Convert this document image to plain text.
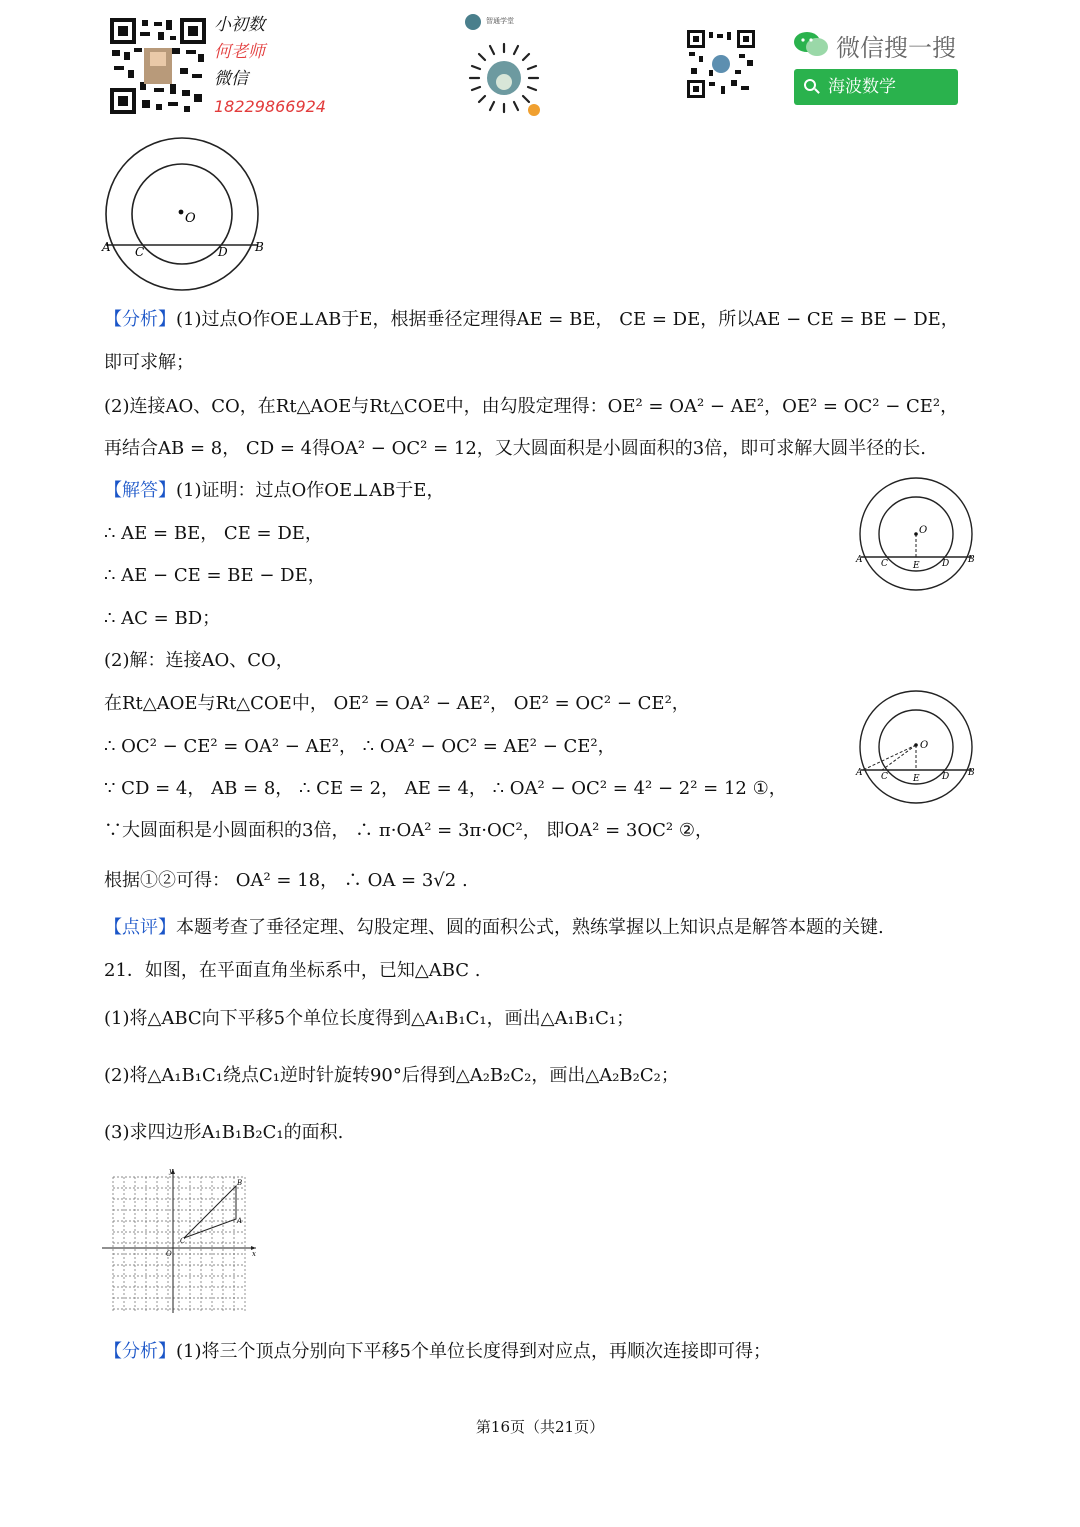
小初数
何老师
微信
18229866924
智通学堂
微信搜一搜
海波数学
O
A C	D B
【分析】(1)过点O作OE⊥AB于E，根据垂径定理得AE = BE， CE = DE，所以AE − CE = BE − DE，
即可求解；
(2)连接AO、CO，在Rt△AOE与Rt△COE中，由勾股定理得：OE² = OA² − AE²，OE² = OC² − CE²，
再结合AB = 8， CD = 4得OA² − OC² = 12，又大圆面积是小圆面积的3倍，即可求解大圆半径的长.
【解答】(1)证明：过点O作OE⊥AB于E，
∴ AE = BE， CE = DE，
∴ AE − CE = BE − DE，
∴ AC = BD；
(2)解：连接AO、CO，
在Rt△AOE与Rt△COE中， OE² = OA² − AE²， OE² = OC² − CE²，
∴ OC² − CE² = OA² − AE²， ∴ OA² − OC² = AE² − CE²，
∵ CD = 4， AB = 8， ∴ CE = 2， AE = 4， ∴ OA² − OC² = 4² − 2² = 12 ①，
∵大圆面积是小圆面积的3倍， ∴ π·OA² = 3π·OC²， 即OA² = 3OC² ②，
根据①②可得： OA² = 18， ∴ OA = 3√2 .
【点评】本题考查了垂径定理、勾股定理、圆的面积公式，熟练掌握以上知识点是解答本题的关键.
21．如图，在平面直角坐标系中，已知△ABC .
(1)将△ABC向下平移5个单位长度得到△A₁B₁C₁，画出△A₁B₁C₁；
(2)将△A₁B₁C₁绕点C₁逆时针旋转90°后得到△A₂B₂C₂，画出△A₂B₂C₂；
(3)求四边形A₁B₁B₂C₁的面积.
【分析】(1)将三个顶点分别向下平移5个单位长度得到对应点，再顺次连接即可得；
O
A C	E D B
O
A C	E D B
y
x
O
A
B
C
第16页（共21页）
